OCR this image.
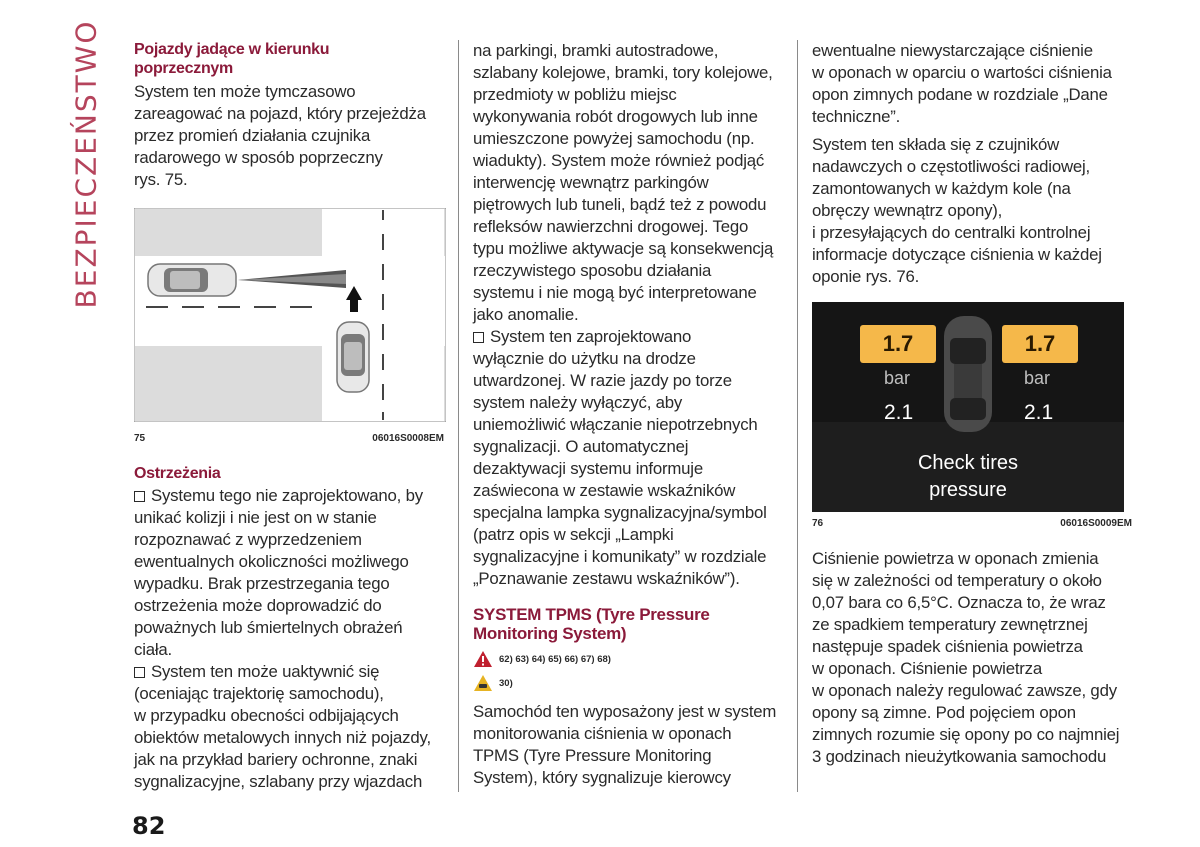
BEZPIECZEŃSTWO Pojazdy jadące w kierunku
poprzecznym

System ten może tymczasowo
zareagować na pojazd, który przejeżdża
przez promień działania czujnika
radarowego w sposób poprzeczny
rys. 75.

75	06016S0008EM

Ostrzeżenia

Systemu tego nie zaprojektowano, by
unikać kolizji i nie jest on w stanie
rozpoznawać z wyprzedzeniem
ewentualnych okoliczności możliwego
wypadku. Brak przestrzegania tego
ostrzeżenia może doprowadzić do
poważnych lub śmiertelnych obrażeń
ciała.

System ten może uaktywnić się
(oceniając trajektorię samochodu),
w przypadku obecności odbijających
obiektów metalowych innych niż pojazdy,
jak na przykład bariery ochronne, znaki
sygnalizacyjne, szlabany przy wjazdach

na parkingi, bramki autostradowe,
szlabany kolejowe, bramki, tory kolejowe,
przedmioty w pobliżu miejsc
wykonywania robót drogowych lub inne
umieszczone powyżej samochodu (np.
wiadukty). System może również podjąć
interwencję wewnątrz parkingów
piętrowych lub tuneli, bądź też z powodu
refleksów nawierzchni drogowej. Tego
typu możliwe aktywacje są konsekwencją
rzeczywistego sposobu działania
systemu i nie mogą być interpretowane
jako anomalie.

System ten zaprojektowano
wyłącznie do użytku na drodze
utwardzonej. W razie jazdy po torze
system należy wyłączyć, aby
uniemożliwić włączanie niepotrzebnych
sygnalizacji. O automatycznej
dezaktywacji systemu informuje
zaświecona w zestawie wskaźników
specjalna lampka sygnalizacyjna/symbol
(patrz opis w sekcji „Lampki
sygnalizacyjne i komunikaty” w rozdziale
„Poznawanie zestawu wskaźników”).

SYSTEM TPMS (Tyre Pressure
Monitoring System)

62) 63) 64) 65) 66) 67) 68)
30)

Samochód ten wyposażony jest w system
monitorowania ciśnienia w oponach
TPMS (Tyre Pressure Monitoring
System), który sygnalizuje kierowcy

ewentualne niewystarczające ciśnienie
w oponach w oparciu o wartości ciśnienia
opon zimnych podane w rozdziale „Dane
techniczne”.

System ten składa się z czujników
nadawczych o częstotliwości radiowej,
zamontowanych w każdym kole (na
obręczy wewnątrz opony),
i przesyłających do centralki kontrolnej
informacje dotyczące ciśnienia w każdej
oponie rys. 76.

1.7	1.7
bar	bar
2.1	2.1
Check tires
pressure
76	06016S0009EM

Ciśnienie powietrza w oponach zmienia
się w zależności od temperatury o około
0,07 bara co 6,5°C. Oznacza to, że wraz
ze spadkiem temperatury zewnętrznej
następuje spadek ciśnienia powietrza
w oponach. Ciśnienie powietrza
w oponach należy regulować zawsze, gdy
opony są zimne. Pod pojęciem opon
zimnych rozumie się opony po co najmniej
3 godzinach nieużytkowania samochodu

82
